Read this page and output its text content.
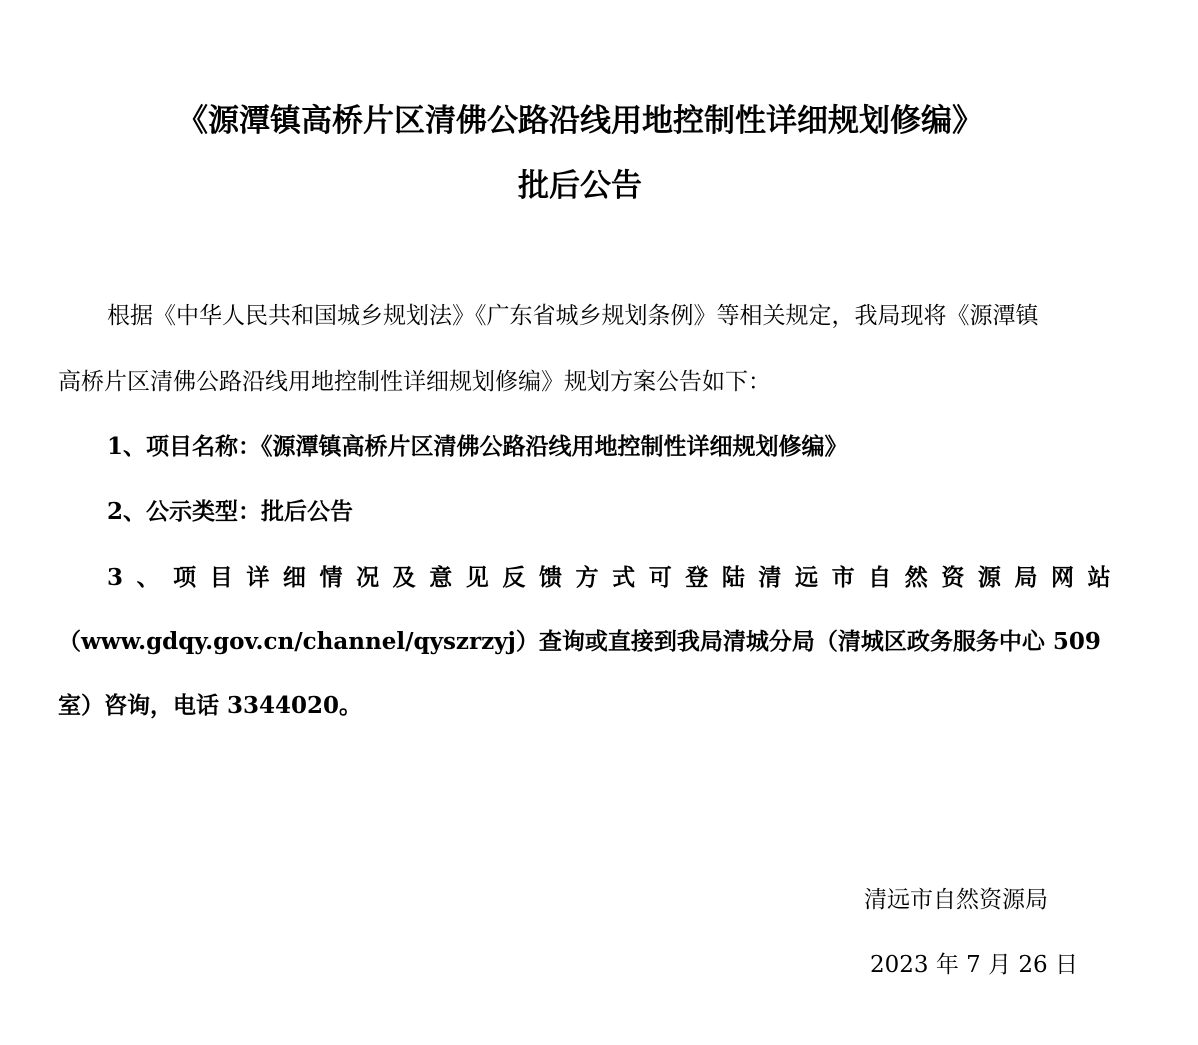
《源潭镇高桥片区清佛公路沿线用地控制性详细规划修编》
批后公告
根据《中华人民共和国城乡规划法》《广东省城乡规划条例》等相关规定，我局现将《源潭镇
高桥片区清佛公路沿线用地控制性详细规划修编》规划方案公告如下：
1、项目名称：《源潭镇高桥片区清佛公路沿线用地控制性详细规划修编》
2、公示类型：批后公告
3 、 项 目 详 细 情 况 及 意 见 反 馈 方 式 可 登 陆 清 远 市 自 然 资 源 局 网 站
（www.gdqy.gov.cn/channel/qyszrzyj）查询或直接到我局清城分局（清城区政务服务中心 509
室）咨询，电话 3344020。
清远市自然资源局
2023 年 7 月 26 日
